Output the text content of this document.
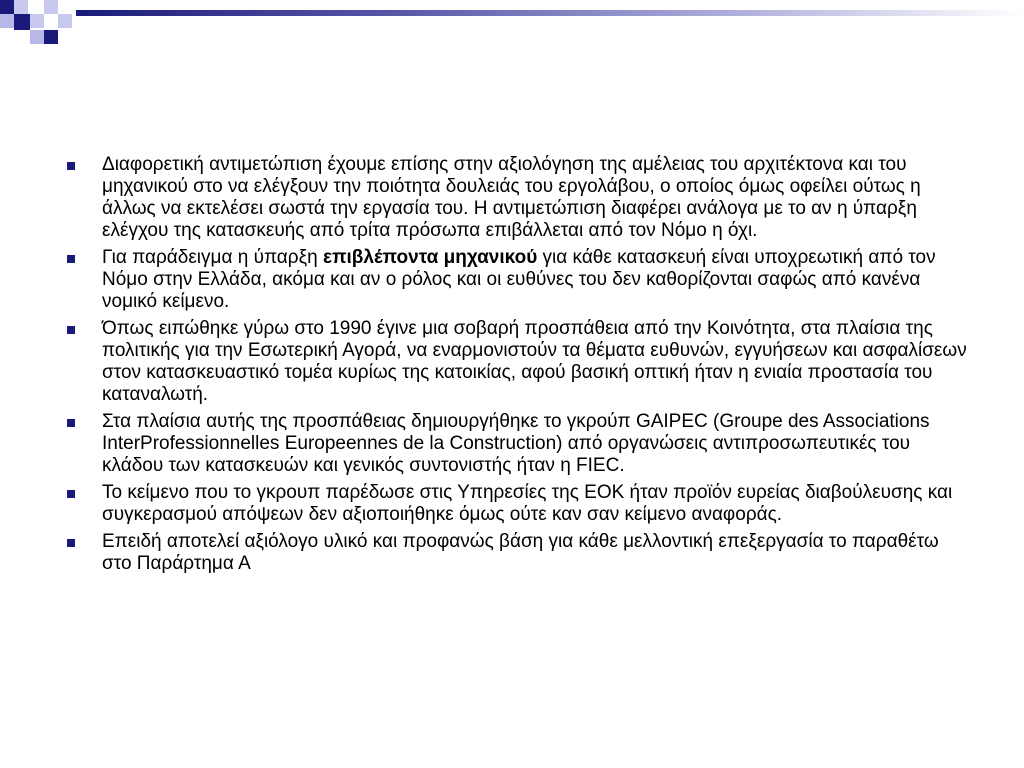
Διαφορετική αντιμετώπιση έχουμε επίσης στην αξιολόγηση της αμέλειας του αρχιτέκτονα και του μηχανικού στο να ελέγξουν την ποιότητα δουλειάς του εργολάβου, ο οποίος όμως οφείλει ούτως η άλλως να εκτελέσει σωστά την εργασία του. Η αντιμετώπιση διαφέρει ανάλογα με το αν η ύπαρξη ελέγχου της κατασκευής από τρίτα πρόσωπα επιβάλλεται από τον Νόμο η όχι.
Για παράδειγμα η ύπαρξη επιβλέποντα μηχανικού για κάθε κατασκευή είναι υποχρεωτική από τον Νόμο στην Ελλάδα, ακόμα και αν ο ρόλος και οι ευθύνες του δεν καθορίζονται σαφώς από κανένα νομικό κείμενο.
Όπως ειπώθηκε γύρω στο 1990 έγινε μια σοβαρή προσπάθεια από την Κοινότητα, στα πλαίσια της πολιτικής για την Εσωτερική Αγορά, να εναρμονιστούν τα θέματα ευθυνών, εγγυήσεων και ασφαλίσεων στον κατασκευαστικό τομέα κυρίως της κατοικίας, αφού βασική οπτική ήταν η ενιαία προστασία του καταναλωτή.
Στα πλαίσια αυτής της προσπάθειας δημιουργήθηκε το γκρούπ GAIPEC (Groupe des Associations InterProfessionnelles Europeennes de la Construction) από οργανώσεις αντιπροσωπευτικές του κλάδου των κατασκευών και γενικός συντονιστής ήταν η FIEC.
Το κείμενο που το γκρουπ παρέδωσε στις Υπηρεσίες της ΕΟΚ ήταν προϊόν ευρείας διαβούλευσης και συγκερασμού απόψεων δεν αξιοποιήθηκε όμως ούτε καν σαν κείμενο αναφοράς.
Επειδή αποτελεί αξιόλογο υλικό και προφανώς βάση για κάθε μελλοντική επεξεργασία το παραθέτω στο Παράρτημα Α
